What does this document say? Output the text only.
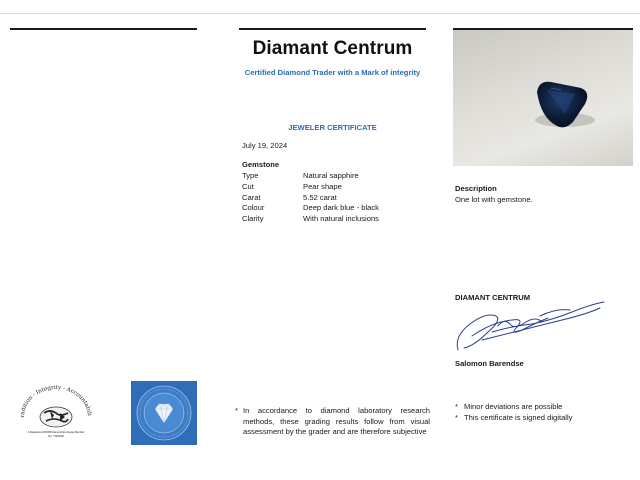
Diamant Centrum
Certified Diamond Trader with a Mark of integrity
JEWELER CERTIFICATE
July 19, 2024
Gemstone
Type	Natural sapphire
Cut	Pear shape
Carat	5.52 carat
Colour	Deep dark blue - black
Clarity	With natural inclusions
Description
One lot with gemstone.
DIAMANT CENTRUM
Salomon Barendse
radition - Integrity - Accountabili
A Registered WFDB Diamond Exchange Member
No. 730/0000
* In accordance to diamond laboratory research methods, these grading results follow from visual assessment by the grader and are therefore subjective
* Minor deviations are possible
* This certificate is signed digitally
